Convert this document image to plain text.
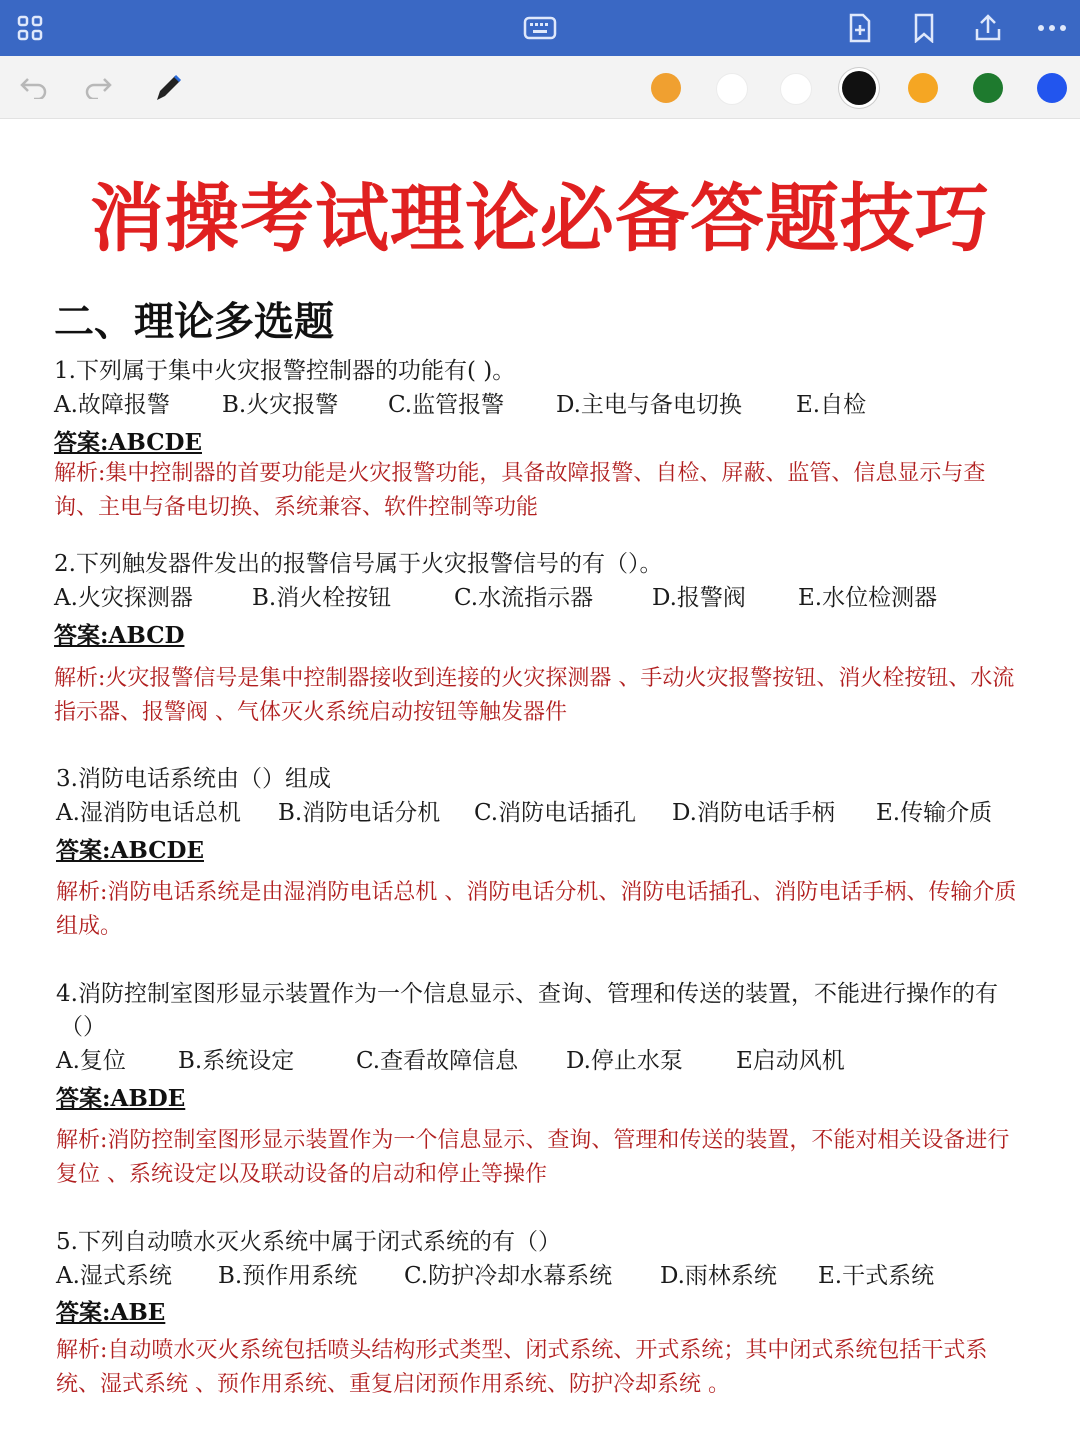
消操考试理论必备答题技巧
二、理论多选题
1.下列属于集中火灾报警控制器的功能有( )。
A.故障报警 B.火灾报警 C.监管报警 D.主电与备电切换 E.自检
答案:ABCDE
解析:集中控制器的首要功能是火灾报警功能，具备故障报警、自检、屏蔽、监管、信息显示与查询、主电与备电切换、系统兼容、软件控制等功能
2.下列触发器件发出的报警信号属于火灾报警信号的有（）。
A.火灾探测器	B.消火栓按钮	C.水流指示器	D.报警阀 E.水位检测器
答案:ABCD
解析:火灾报警信号是集中控制器接收到连接的火灾探测器 、手动火灾报警按钮、消火栓按钮、水流指示器、报警阀 、气体灭火系统启动按钮等触发器件
3.消防电话系统由（）组成
A.湿消防电话总机 B.消防电话分机 C.消防电话插孔 D.消防电话手柄 E.传输介质
答案:ABCDE
解析:消防电话系统是由湿消防电话总机 、消防电话分机、消防电话插孔、消防电话手柄、传输介质组成。
4.消防控制室图形显示装置作为一个信息显示、查询、管理和传送的装置，不能进行操作的有
（）
A.复位 B.系统设定	C.查看故障信息 D.停止水泵 E启动风机
答案:ABDE
解析:消防控制室图形显示装置作为一个信息显示、查询、管理和传送的装置，不能对相关设备进行复位 、系统设定以及联动设备的启动和停止等操作
5.下列自动喷水灭火系统中属于闭式系统的有（）
A.湿式系统 B.预作用系统 C.防护冷却水幕系统 D.雨林系统 E.干式系统
答案:ABE
解析:自动喷水灭火系统包括喷头结构形式类型、闭式系统、开式系统；其中闭式系统包括干式系统、湿式系统 、预作用系统、重复启闭预作用系统、防护冷却系统 。
